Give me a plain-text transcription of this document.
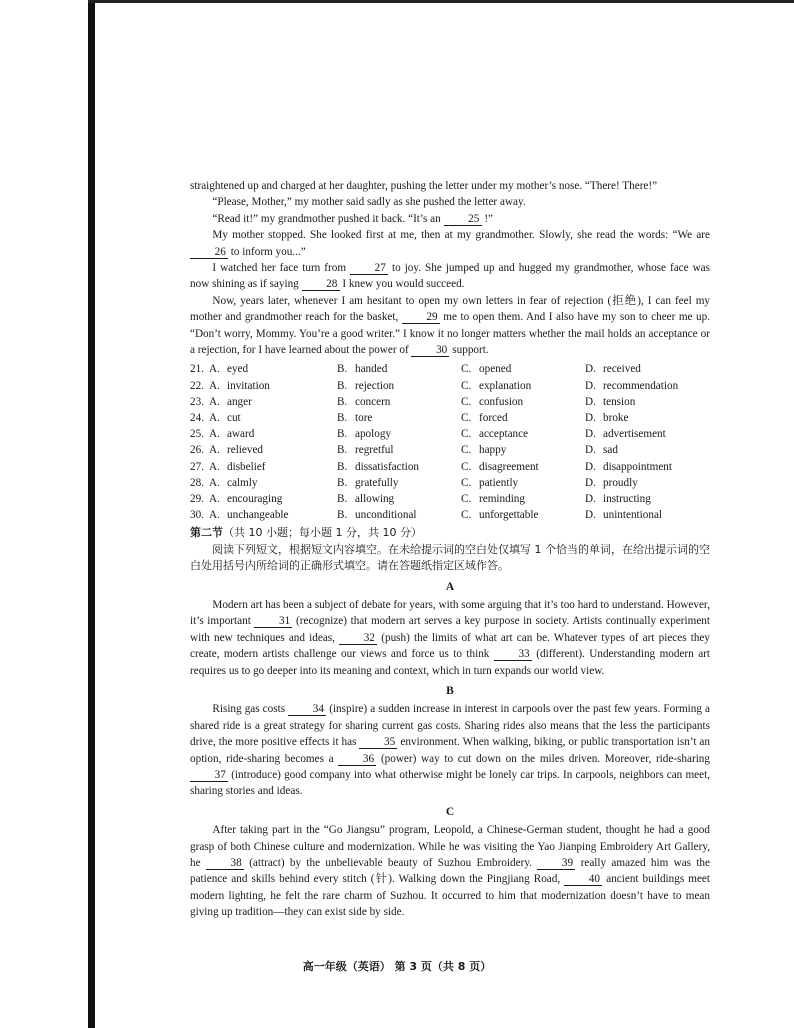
straightened up and charged at her daughter, pushing the letter under my mother’s nose. “There! There!”

“Please, Mother,” my mother said sadly as she pushed the letter away.

“Read it!” my grandmother pushed it back. “It’s an 25 !”

My mother stopped. She looked first at me, then at my grandmother. Slowly, she read the words: “We are 26 to inform you...”

I watched her face turn from 27 to joy. She jumped up and hugged my grandmother, whose face was now shining as if saying 28 I knew you would succeed.

Now, years later, whenever I am hesitant to open my own letters in fear of rejection (拒绝), I can feel my mother and grandmother reach for the basket, 29 me to open them. And I also have my son to cheer me up. “Don’t worry, Mommy. You’re a good writer.” I know it no longer matters whether the mail holds an acceptance or a rejection, for I have learned about the power of 30 support.

21. A. eyed	B. handed	C. opened	D. received
22. A. invitation	B. rejection	C. explanation	D. recommendation
23. A. anger	B. concern	C. confusion	D. tension
24. A. cut	B. tore	C. forced	D. broke
25. A. award	B. apology	C. acceptance	D. advertisement
26. A. relieved	B. regretful	C. happy	D. sad
27. A. disbelief	B. dissatisfaction	C. disagreement	D. disappointment
28. A. calmly	B. gratefully	C. patiently	D. proudly
29. A. encouraging	B. allowing	C. reminding	D. instructing
30. A. unchangeable	B. unconditional	C. unforgettable	D. unintentional
第二节（共 10 小题；每小题 1 分，共 10 分）

阅读下列短文，根据短文内容填空。在未给提示词的空白处仅填写 1 个恰当的单词，在给出提示词的空白处用括号内所给词的正确形式填空。请在答题纸指定区域作答。

A

Modern art has been a subject of debate for years, with some arguing that it’s too hard to understand. However, it’s important 31 (recognize) that modern art serves a key purpose in society. Artists continually experiment with new techniques and ideas, 32 (push) the limits of what art can be. Whatever types of art pieces they create, modern artists challenge our views and force us to think 33 (different). Understanding modern art requires us to go deeper into its meaning and context, which in turn expands our world view.

B

Rising gas costs 34 (inspire) a sudden increase in interest in carpools over the past few years. Forming a shared ride is a great strategy for sharing current gas costs. Sharing rides also means that the less the participants drive, the more positive effects it has 35 environment. When walking, biking, or public transportation isn’t an option, ride-sharing becomes a 36 (power) way to cut down on the miles driven. Moreover, ride-sharing 37 (introduce) good company into what otherwise might be lonely car trips. In carpools, neighbors can meet, sharing stories and ideas.

C

After taking part in the “Go Jiangsu” program, Leopold, a Chinese-German student, thought he had a good grasp of both Chinese culture and modernization. While he was visiting the Yao Jianping Embroidery Art Gallery, he 38 (attract) by the unbelievable beauty of Suzhou Embroidery. 39 really amazed him was the patience and skills behind every stitch (针). Walking down the Pingjiang Road, 40 ancient buildings meet modern lighting, he felt the rare charm of Suzhou. It occurred to him that modernization doesn’t have to mean giving up tradition—they can exist side by side.

高一年级（英语） 第 3 页（共 8 页）
